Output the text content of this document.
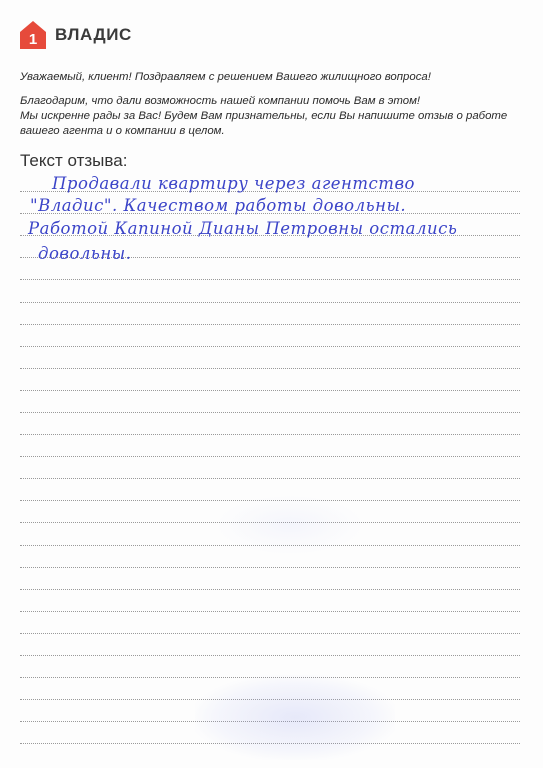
1 ВЛАДИС

Уважаемый, клиент! Поздравляем с решением Вашего жилищного вопроса!

Благодарим, что дали возможность нашей компании помочь Вам в этом!

Мы искренне рады за Вас! Будем Вам признательны, если Вы напишите отзыв о работе

вашего агента и о компании в целом.

Текст отзыва:
Продавали квартиру через агентство
"Владис". Качеством работы довольны.
Работой Капиной Дианы Петровны остались
довольны.
